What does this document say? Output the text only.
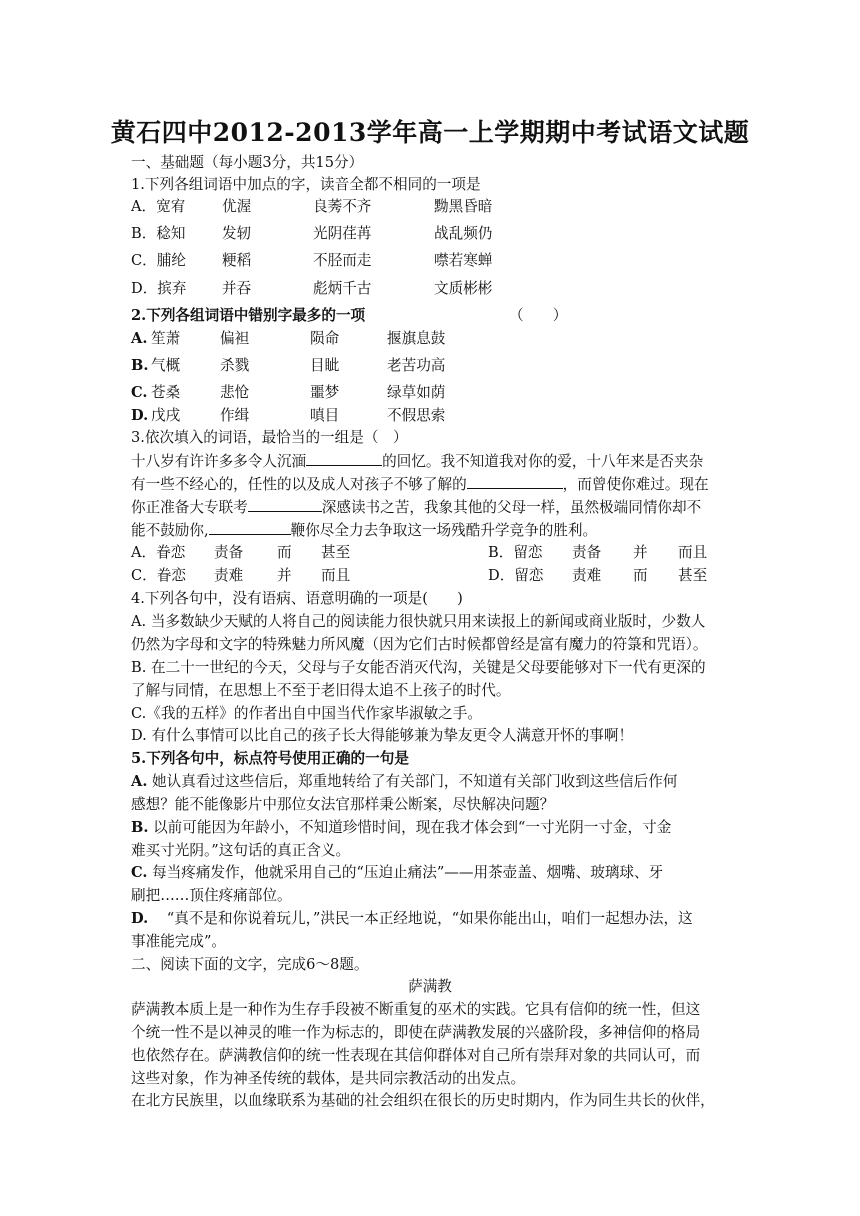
黄石四中2012-2013学年高一上学期期中考试语文试题
一、基础题（每小题3分，共15分）
1.下列各组词语中加点的字，读音全都不相同的一项是
A．宽宥	优渥	良莠不齐	黝黑昏暗
B．稔知 发轫	光阴荏苒	战乱频仍
C．脯纶 粳稻	不胫而走	噤若寒蝉
D．摈弃 并吞	彪炳千古	文质彬彬
2.下列各组词语中错别字最多的一项	（　　）
A. 笙萧	偏袒	陨命	揠旗息鼓
B. 气概	杀戮	目眦	老苦功高
C. 苍桑	悲怆	噩梦	绿草如荫
D. 戊戌	作缉	嗔目	不假思索
3.依次填入的词语，最恰当的一组是（　）
十八岁有许许多多令人沉湎	的回忆。我不知道我对你的爱，十八年来是否夹杂
有一些不经心的，任性的以及成人对孩子不够了解的	，而曾使你难过。现在
你正准备大专联考	深感读书之苦，我象其他的父母一样，虽然极端同情你却不
能不鼓励你,	鞭你尽全力去争取这一场残酷升学竞争的胜利。
A．眷恋 责备 而 甚至	B．留恋 责备 并 而且
C．眷恋 责难 并 而且	D．留恋 责难 而 甚至
4.下列各句中，没有语病、语意明确的一项是(　　)
A. 当多数缺少天赋的人将自己的阅读能力很快就只用来读报上的新闻或商业版时，少数人
仍然为字母和文字的特殊魅力所风魔（因为它们古时候都曾经是富有魔力的符箓和咒语）。
B. 在二十一世纪的今天，父母与子女能否消灭代沟，关键是父母要能够对下一代有更深的
了解与同情，在思想上不至于老旧得太追不上孩子的时代。
C.《我的五样》的作者出自中国当代作家毕淑敏之手。
D. 有什么事情可以比自己的孩子长大得能够兼为挚友更令人满意开怀的事啊！
5.下列各句中，标点符号使用正确的一句是
A. 她认真看过这些信后，郑重地转给了有关部门，不知道有关部门收到这些信后作何
感想？能不能像影片中那位女法官那样秉公断案，尽快解决问题？
B. 以前可能因为年龄小，不知道珍惜时间，现在我才体会到“一寸光阴一寸金，寸金
难买寸光阴。”这句话的真正含义。
C. 每当疼痛发作，他就采用自己的“压迫止痛法”——用茶壶盖、烟嘴、玻璃球、牙
刷把……顶住疼痛部位。
D. “真不是和你说着玩儿，”洪民一本正经地说，“如果你能出山，咱们一起想办法，这
事准能完成”。
二、阅读下面的文字，完成6～8题。
萨满教
萨满教本质上是一种作为生存手段被不断重复的巫术的实践。它具有信仰的统一性，但这
个统一性不是以神灵的唯一作为标志的，即使在萨满教发展的兴盛阶段，多神信仰的格局
也依然存在。萨满教信仰的统一性表现在其信仰群体对自己所有崇拜对象的共同认可，而
这些对象，作为神圣传统的载体，是共同宗教活动的出发点。
在北方民族里，以血缘联系为基础的社会组织在很长的历史时期内，作为同生共长的伙伴，
